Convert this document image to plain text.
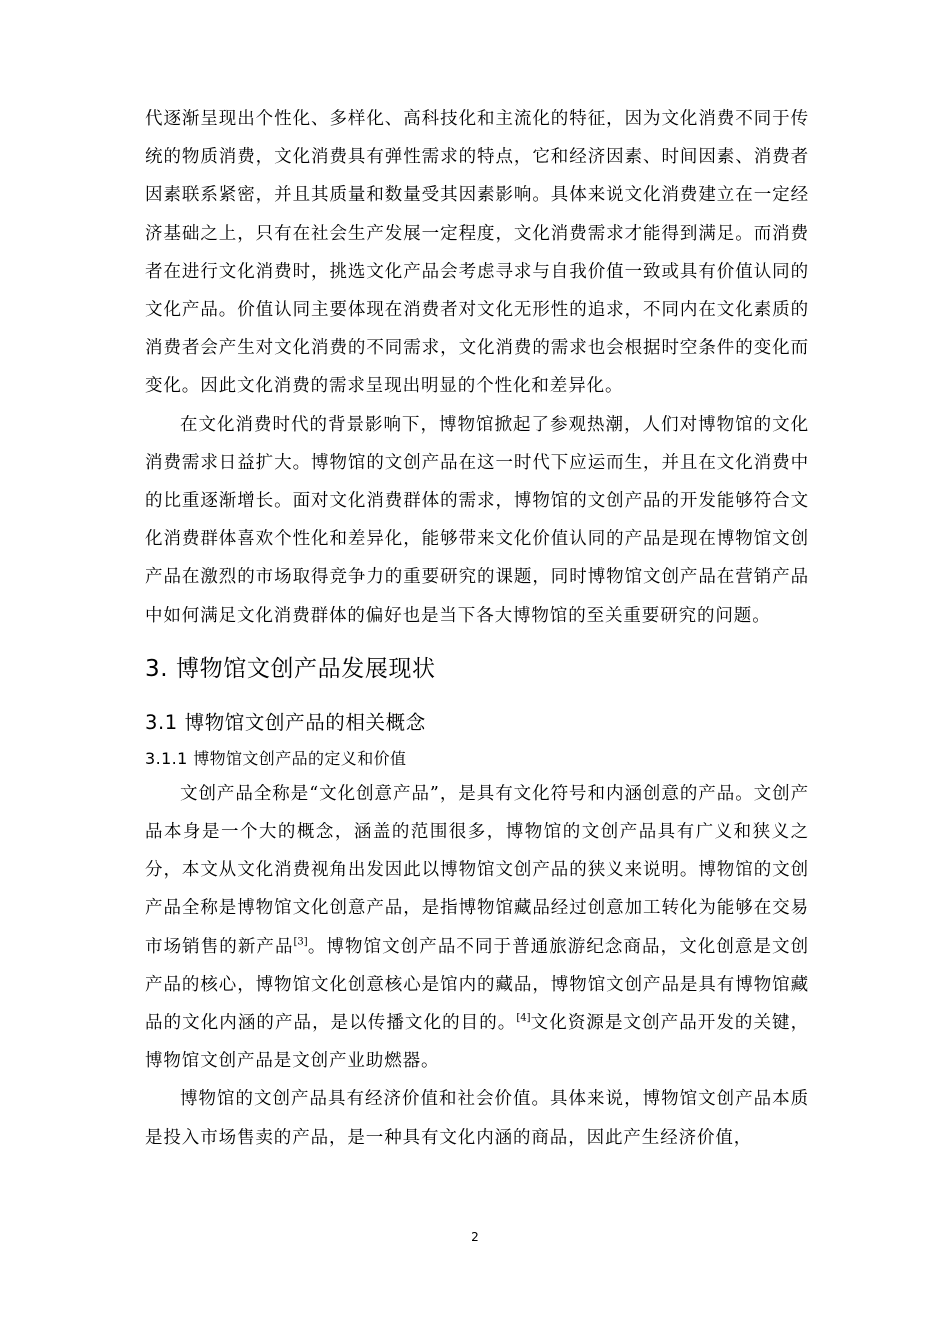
代逐渐呈现出个性化、多样化、高科技化和主流化的特征，因为文化消费不同于传统的物质消费，文化消费具有弹性需求的特点，它和经济因素、时间因素、消费者因素联系紧密，并且其质量和数量受其因素影响。具体来说文化消费建立在一定经济基础之上，只有在社会生产发展一定程度，文化消费需求才能得到满足。而消费者在进行文化消费时，挑选文化产品会考虑寻求与自我价值一致或具有价值认同的文化产品。价值认同主要体现在消费者对文化无形性的追求，不同内在文化素质的消费者会产生对文化消费的不同需求，文化消费的需求也会根据时空条件的变化而变化。因此文化消费的需求呈现出明显的个性化和差异化。

在文化消费时代的背景影响下，博物馆掀起了参观热潮，人们对博物馆的文化消费需求日益扩大。博物馆的文创产品在这一时代下应运而生，并且在文化消费中的比重逐渐增长。面对文化消费群体的需求，博物馆的文创产品的开发能够符合文化消费群体喜欢个性化和差异化，能够带来文化价值认同的产品是现在博物馆文创产品在激烈的市场取得竞争力的重要研究的课题，同时博物馆文创产品在营销产品中如何满足文化消费群体的偏好也是当下各大博物馆的至关重要研究的问题。

3. 博物馆文创产品发展现状
3.1 博物馆文创产品的相关概念
3.1.1 博物馆文创产品的定义和价值

文创产品全称是“文化创意产品”，是具有文化符号和内涵创意的产品。文创产品本身是一个大的概念，涵盖的范围很多，博物馆的文创产品具有广义和狭义之分，本文从文化消费视角出发因此以博物馆文创产品的狭义来说明。博物馆的文创产品全称是博物馆文化创意产品，是指博物馆藏品经过创意加工转化为能够在交易市场销售的新产品[3]。博物馆文创产品不同于普通旅游纪念商品，文化创意是文创产品的核心，博物馆文化创意核心是馆内的藏品，博物馆文创产品是具有博物馆藏品的文化内涵的产品，是以传播文化的目的。[4]文化资源是文创产品开发的关键，博物馆文创产品是文创产业助燃器。

博物馆的文创产品具有经济价值和社会价值。具体来说，博物馆文创产品本质是投入市场售卖的产品，是一种具有文化内涵的商品，因此产生经济价值，

2
